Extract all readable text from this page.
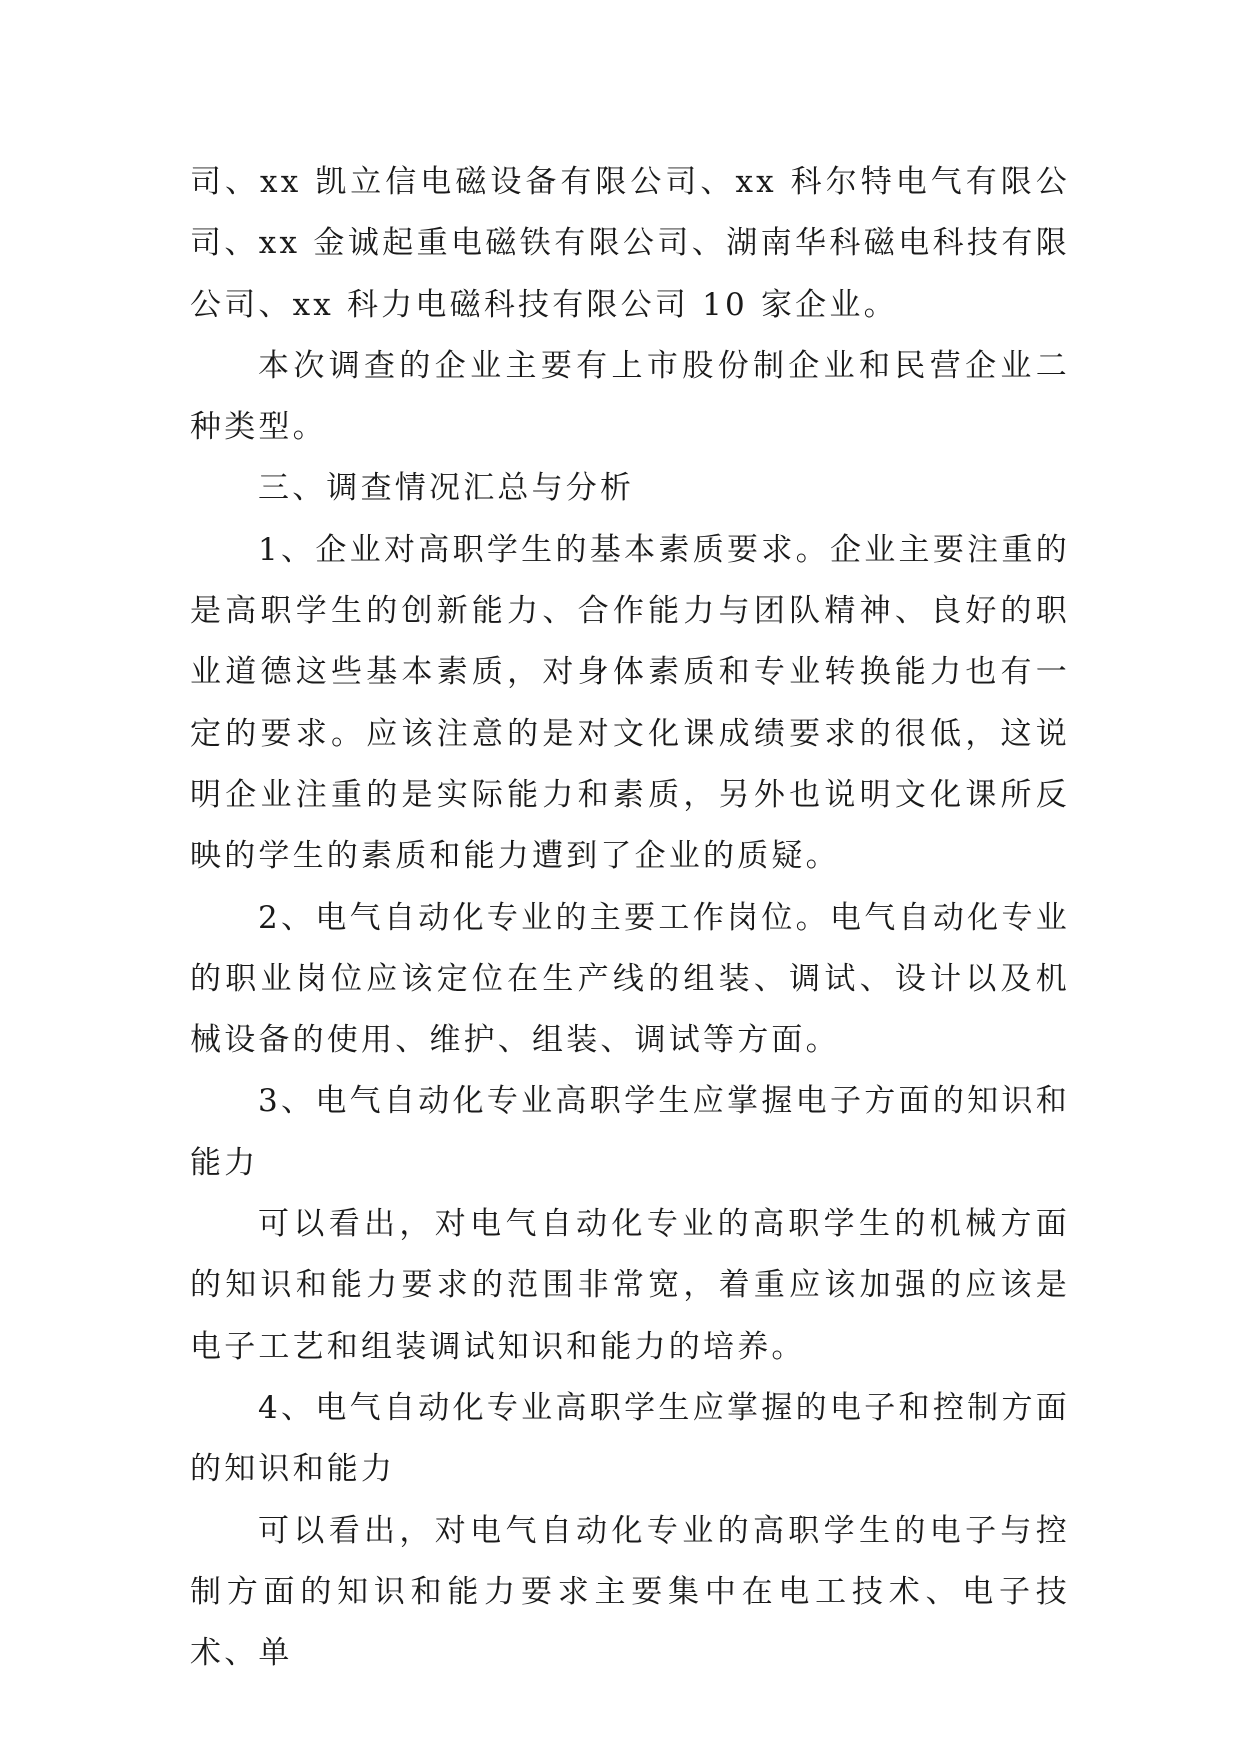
司、xx 凯立信电磁设备有限公司、xx 科尔特电气有限公司、xx 金诚起重电磁铁有限公司、湖南华科磁电科技有限公司、xx 科力电磁科技有限公司 10 家企业。

本次调查的企业主要有上市股份制企业和民营企业二种类型。

三、调查情况汇总与分析

1、企业对高职学生的基本素质要求。企业主要注重的是高职学生的创新能力、合作能力与团队精神、良好的职业道德这些基本素质，对身体素质和专业转换能力也有一定的要求。应该注意的是对文化课成绩要求的很低，这说明企业注重的是实际能力和素质，另外也说明文化课所反映的学生的素质和能力遭到了企业的质疑。

2、电气自动化专业的主要工作岗位。电气自动化专业的职业岗位应该定位在生产线的组装、调试、设计以及机械设备的使用、维护、组装、调试等方面。

3、电气自动化专业高职学生应掌握电子方面的知识和能力

可以看出，对电气自动化专业的高职学生的机械方面的知识和能力要求的范围非常宽，着重应该加强的应该是电子工艺和组装调试知识和能力的培养。

4、电气自动化专业高职学生应掌握的电子和控制方面的知识和能力

可以看出，对电气自动化专业的高职学生的电子与控制方面的知识和能力要求主要集中在电工技术、电子技术、单
